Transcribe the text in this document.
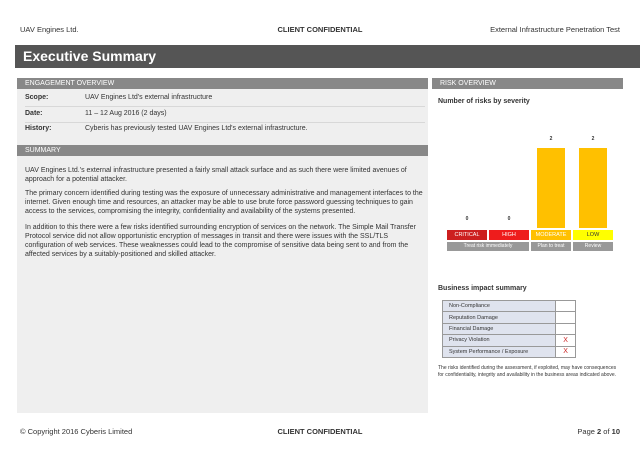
UAV Engines Ltd.	CLIENT CONFIDENTIAL	External Infrastructure Penetration Test
Executive Summary
ENGAGEMENT OVERVIEW
Scope:	UAV Engines Ltd's external infrastructure
Date:	11 – 12 Aug 2016 (2 days)
History:	Cyberis has previously tested UAV Engines Ltd's external infrastructure.
SUMMARY

UAV Engines Ltd.'s external infrastructure presented a fairly small attack surface and as such there were limited avenues of approach for a potential attacker.

The primary concern identified during testing was the exposure of unnecessary administrative and management interfaces to the internet. Given enough time and resources, an attacker may be able to use brute force password guessing techniques to gain access to the services, compromising the integrity, confidentiality and availability of the systems presented.

In addition to this there were a few risks identified surrounding encryption of services on the network. The Simple Mail Transfer Protocol service did not allow opportunistic encryption of messages in transit and there were issues with the SSL/TLS configuration of web services. These weaknesses could lead to the compromise of sensitive data being sent to and from the affected services by a suitably-positioned and skilled attacker.

RISK OVERVIEW
Number of risks by severity
0
CRITICAL
0
HIGH
2
MODERATE
2
LOW
Treat risk immediately	Plan to treat	Review
Business impact summary
Non-Compliance	
Reputation Damage	
Financial Damage	
Privacy Violation	X
System Performance / Exposure	X

The risks identified during the assessment, if exploited, may have consequences for confidentiality, integrity and availability in the business areas indicated above.

© Copyright 2016 Cyberis Limited	CLIENT CONFIDENTIAL	Page 2 of 10
